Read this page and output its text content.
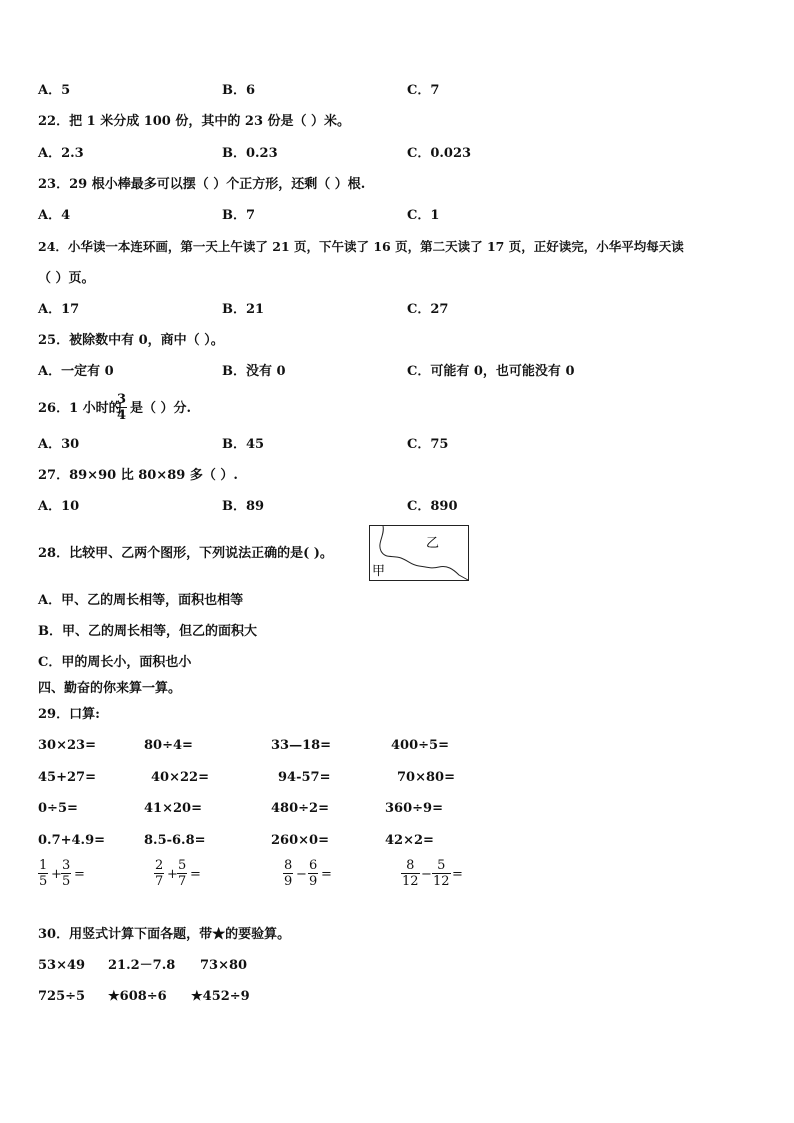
A．5	B．6	C．7
22．把 1 米分成 100 份，其中的 23 份是（ ）米。
A．2.3	B．0.23	C．0.023
23．29 根小棒最多可以摆（ ）个正方形，还剩（ ）根.
A．4	B．7	C．1
24．小华读一本连环画，第一天上午读了 21 页，下午读了 16 页，第二天读了 17 页，正好读完，小华平均每天读
（ ）页。
A．17	B．21	C．27
25．被除数中有 0，商中（ ）。
A．一定有 0	B．没有 0	C．可能有 0，也可能没有 0
26．1 小时的
$\frac{3}{4}$ 是（ ）分.
A．30	B．45	C．75
27．89×90 比 80×89 多（ ）.
A．10	B．89	C．890
28．比较甲、乙两个图形，下列说法正确的是( )。
乙
甲
A．甲、乙的周长相等，面积也相等
B．甲、乙的周长相等，但乙的面积大
C．甲的周长小，面积也小
四、勤奋的你来算一算。
29．口算:
30×23=	80÷4=	33—18=	400÷5=
45+27=	40×22=	94-57=	70×80=
0÷5=	41×20=	480÷2=	360÷9=
0.7+4.9=	8.5-6.8=	260×0=	42×2=
$\frac{1}{5} + \frac{3}{5}$ =	$\frac{2}{7} + \frac{5}{7}$ =	$\frac{8}{9} - \frac{6}{9}$ =	$\frac{8}{12} - \frac{5}{12}$ =
30．用竖式计算下面各题，带★的要验算。
53×49 21.2－7.8 73×80
725÷5 ★608÷6 ★452÷9
